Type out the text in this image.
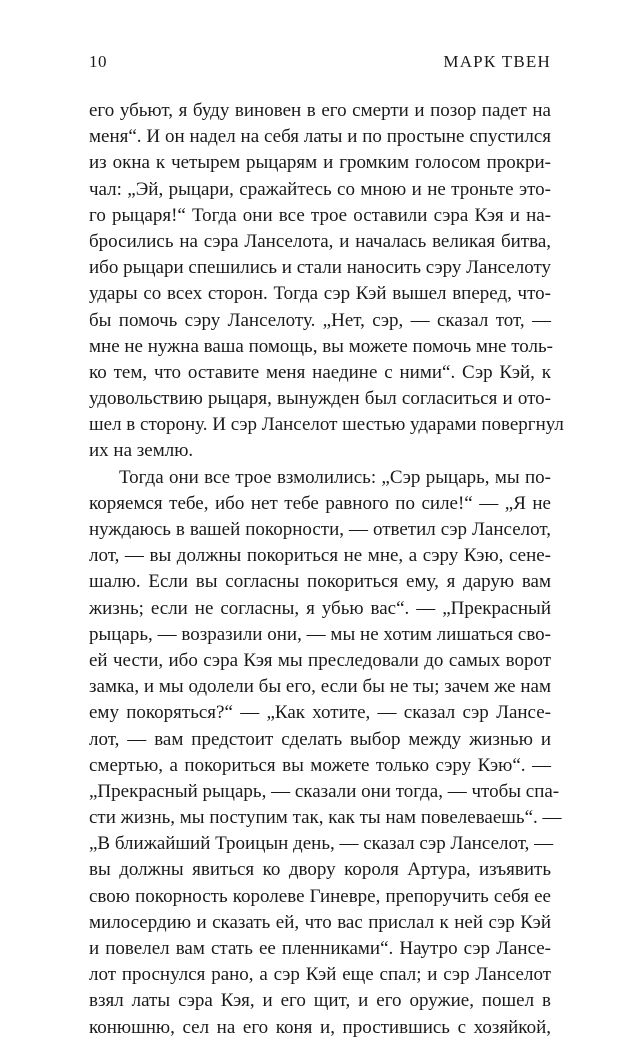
10	МАРК ТВЕН
его убьют, я буду виновен в его смерти и позор падет на
меня“. И он надел на себя латы и по простыне спустился
из окна к четырем рыцарям и громким голосом прокри-
чал: „Эй, рыцари, сражайтесь со мною и не троньте это-
го рыцаря!“ Тогда они все трое оставили сэра Кэя и на-
бросились на сэра Ланселота, и началась великая битва,
ибо рыцари спешились и стали наносить сэру Ланселоту
удары со всех сторон. Тогда сэр Кэй вышел вперед, что-
бы помочь сэру Ланселоту. „Нет, сэр, — сказал тот, —
мне не нужна ваша помощь, вы можете помочь мне толь-
ко тем, что оставите меня наедине с ними“. Сэр Кэй, к
удовольствию рыцаря, вынужден был согласиться и ото-
шел в сторону. И сэр Ланселот шестью ударами повергнул
их на землю.
Тогда они все трое взмолились: „Сэр рыцарь, мы по-
коряемся тебе, ибо нет тебе равного по силе!“ — „Я не
нуждаюсь в вашей покорности, — ответил сэр Ланселот,
лот, — вы должны покориться не мне, а сэру Кэю, сене-
шалю. Если вы согласны покориться ему, я дарую вам
жизнь; если не согласны, я убью вас“. — „Прекрасный
рыцарь, — возразили они, — мы не хотим лишаться сво-
ей чести, ибо сэра Кэя мы преследовали до самых ворот
замка, и мы одолели бы его, если бы не ты; зачем же нам
ему покоряться?“ — „Как хотите, — сказал сэр Лансе-
лот, — вам предстоит сделать выбор между жизнью и
смертью, а покориться вы можете только сэру Кэю“. —
„Прекрасный рыцарь, — сказали они тогда, — чтобы спа-
сти жизнь, мы поступим так, как ты нам повелеваешь“. —
„В ближайший Троицын день, — сказал сэр Ланселот, —
вы должны явиться ко двору короля Артура, изъявить
свою покорность королеве Гиневре, препоручить себя ее
милосердию и сказать ей, что вас прислал к ней сэр Кэй
и повелел вам стать ее пленниками“. Наутро сэр Лансе-
лот проснулся рано, а сэр Кэй еще спал; и сэр Ланселот
взял латы сэра Кэя, и его щит, и его оружие, пошел в
конюшню, сел на его коня и, простившись с хозяйкой,
